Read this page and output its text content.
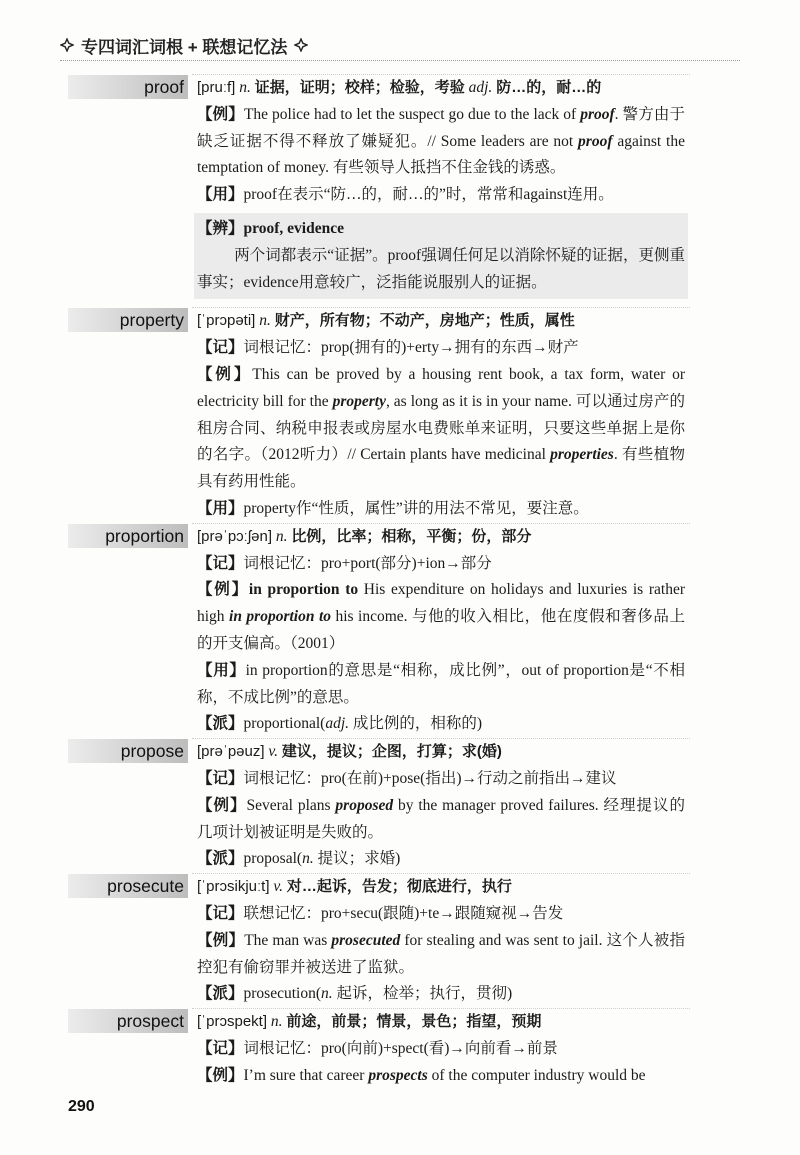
专四词汇词根 + 联想记忆法
proof [pruːf] n. 证据，证明；校样；检验，考验 adj. 防…的，耐…的

【例】The police had to let the suspect go due to the lack of proof. 警方由于缺乏证据不得不释放了嫌疑犯。// Some leaders are not proof against the temptation of money. 有些领导人抵挡不住金钱的诱惑。

【用】proof在表示“防…的，耐…的”时，常常和against连用。

【辨】proof, evidence

两个词都表示“证据”。proof强调任何足以消除怀疑的证据，更侧重事实；evidence用意较广，泛指能说服别人的证据。

property [ˈprɔpəti] n. 财产，所有物；不动产，房地产；性质，属性

【记】词根记忆：prop(拥有的)+erty→拥有的东西→财产

【例】This can be proved by a housing rent book, a tax form, water or electricity bill for the property, as long as it is in your name. 可以通过房产的租房合同、纳税申报表或房屋水电费账单来证明，只要这些单据上是你的名字。（2012听力）// Certain plants have medicinal properties. 有些植物具有药用性能。

【用】property作“性质，属性”讲的用法不常见，要注意。

proportion [prəˈpɔːʃən] n. 比例，比率；相称，平衡；份，部分

【记】词根记忆：pro+port(部分)+ion→部分

【例】in proportion to His expenditure on holidays and luxuries is rather high in proportion to his income. 与他的收入相比，他在度假和奢侈品上的开支偏高。（2001）

【用】in proportion的意思是“相称，成比例”，out of proportion是“不相称，不成比例”的意思。

【派】proportional(adj. 成比例的，相称的)

propose [prəˈpəuz] v. 建议，提议；企图，打算；求(婚)

【记】词根记忆：pro(在前)+pose(指出)→行动之前指出→建议

【例】Several plans proposed by the manager proved failures. 经理提议的几项计划被证明是失败的。

【派】proposal(n. 提议；求婚)

prosecute [ˈprɔsikjuːt] v. 对…起诉，告发；彻底进行，执行

【记】联想记忆：pro+secu(跟随)+te→跟随窥视→告发

【例】The man was prosecuted for stealing and was sent to jail. 这个人被指控犯有偷窃罪并被送进了监狱。

【派】prosecution(n. 起诉，检举；执行，贯彻)

prospect [ˈprɔspekt] n. 前途，前景；情景，景色；指望，预期

【记】词根记忆：pro(向前)+spect(看)→向前看→前景

【例】I’m sure that career prospects of the computer industry would be

290
